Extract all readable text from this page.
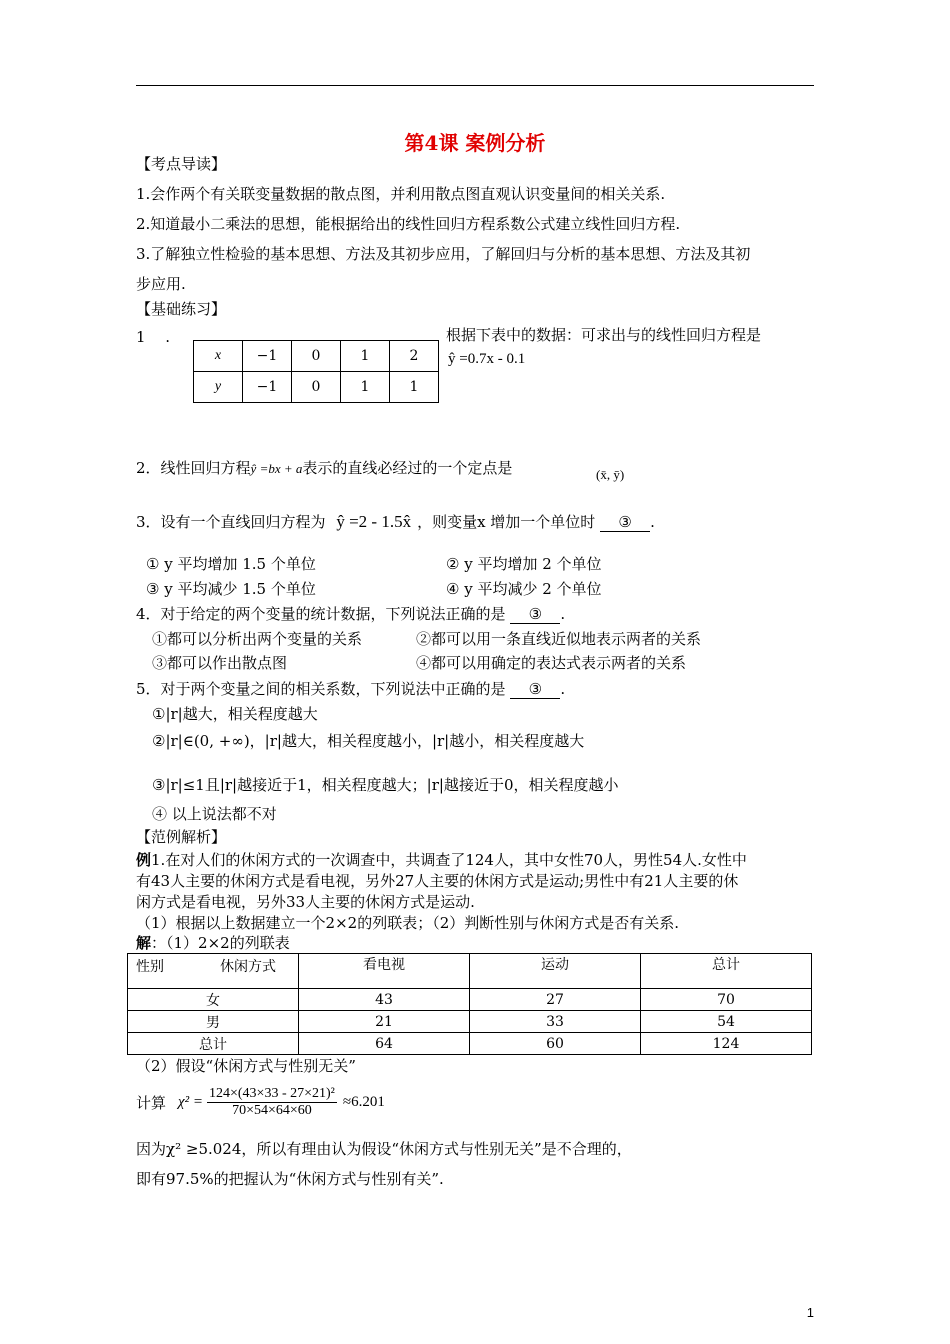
第4课 案例分析
【考点导读】
1.会作两个有关联变量数据的散点图，并利用散点图直观认识变量间的相关关系.
2.知道最小二乘法的思想，能根据给出的线性回归方程系数公式建立线性回归方程.
3.了解独立性检验的基本思想、方法及其初步应用，了解回归与分析的基本思想、方法及其初
步应用.
【基础练习】
1　 .
x	−1	0	1	2
y	−1	0	1	1
根据下表中的数据：可求出与的线性回归方程是
ŷ =0.7x - 0.1
2．线性回归方程ŷ =bx + a表示的直线必经过的一个定点是	(x̄, ȳ)
3．设有一个直线回归方程为 ŷ =2 - 1.5x̂ ，则变量x 增加一个单位时 ③ .
① y 平均增加 1.5 个单位	② y 平均增加 2 个单位
③ y 平均减少 1.5 个单位	④ y 平均减少 2 个单位
4．对于给定的两个变量的统计数据，下列说法正确的是 ③ .
①都可以分析出两个变量的关系	②都可以用一条直线近似地表示两者的关系
③都可以作出散点图	④都可以用确定的表达式表示两者的关系
5．对于两个变量之间的相关系数，下列说法中正确的是 ③ .
①|r|越大，相关程度越大
②|r|∈(0, +∞)，|r|越大，相关程度越小，|r|越小，相关程度越大
③|r|≤1且|r|越接近于1，相关程度越大；|r|越接近于0，相关程度越小
④ 以上说法都不对
【范例解析】
例1.在对人们的休闲方式的一次调查中，共调查了124人，其中女性70人，男性54人.女性中
有43人主要的休闲方式是看电视，另外27人主要的休闲方式是运动;男性中有21人主要的休
闲方式是看电视，另外33人主要的休闲方式是运动.
（1）根据以上数据建立一个2×2的列联表；（2）判断性别与休闲方式是否有关系.
解：（1）2×2的列联表
性别 休闲方式	看电视	运动	总计
女	43	27	70
男	21	33	54
总计	64	60	124
（2）假设“休闲方式与性别无关”
计算 $\chi^2 = \frac{\text{124×(43×33 - 27×21)²}}{70\times 54\times 64\times 60} \approx 6.201$
因为χ² ≥5.024，所以有理由认为假设“休闲方式与性别无关”是不合理的，
即有97.5%的把握认为“休闲方式与性别有关”.
1
